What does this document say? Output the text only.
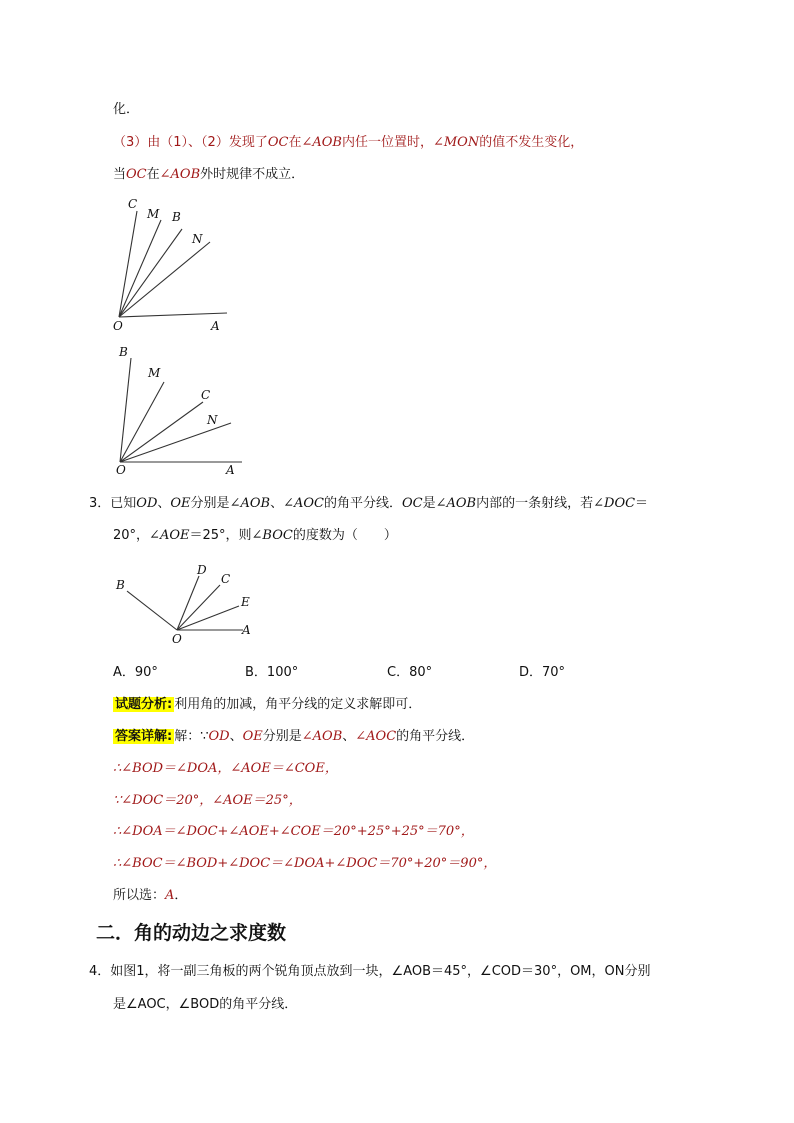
化．
（3）由（1）、（2）发现了OC在∠AOB内任一位置时，∠MON的值不发生变化，
当OC在∠AOB外时规律不成立．
C
M B
N
O	A
B
M
C
N
O	A
B
D
C
E
A
O
3．已知OD、OE分别是∠AOB、∠AOC的角平分线．OC是∠AOB内部的一条射线，若∠DOC＝
20°，∠AOE＝25°，则∠BOC的度数为（　　）
A．90°	B．100°	C．80°	D．70°
试题分析: 利用角的加减，角平分线的定义求解即可．
答案详解: 解：∵OD、OE分别是∠AOB、∠AOC的角平分线．
∴∠BOD＝∠DOA，∠AOE＝∠COE，
∵∠DOC＝20°，∠AOE＝25°，
∴∠DOA＝∠DOC+∠AOE+∠COE＝20°+25°+25°＝70°，
∴∠BOC＝∠BOD+∠DOC＝∠DOA+∠DOC＝70°+20°＝90°，
所以选：A．
二．角的动边之求度数
4．如图1，将一副三角板的两个锐角顶点放到一块，∠AOB＝45°，∠COD＝30°，OM，ON分别
是∠AOC，∠BOD的角平分线．
